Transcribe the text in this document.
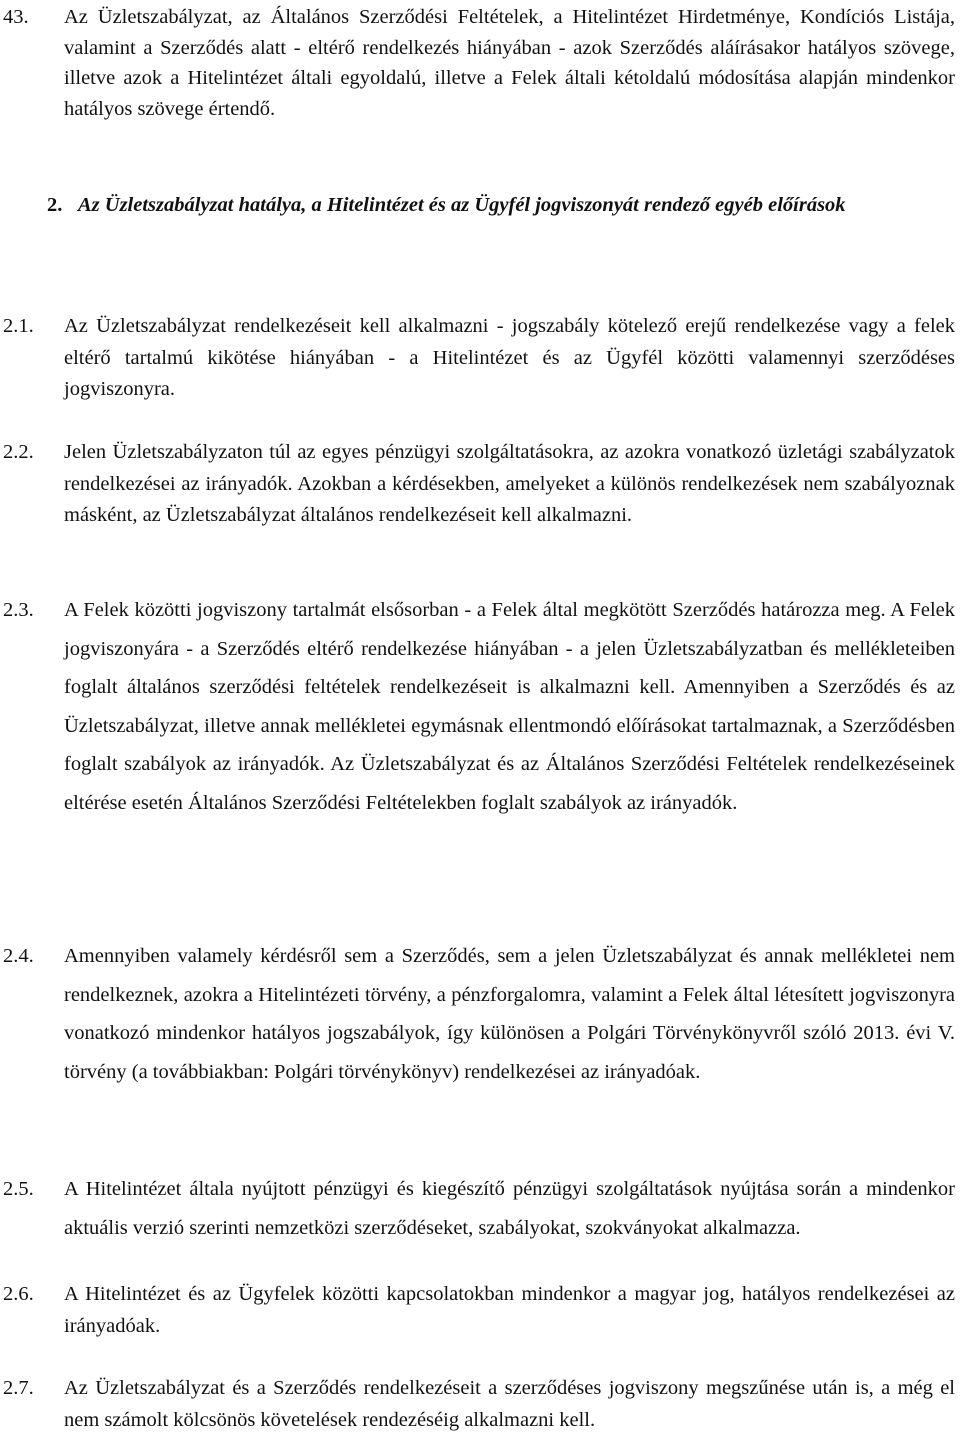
43. Az Üzletszabályzat, az Általános Szerződési Feltételek, a Hitelintézet Hirdetménye, Kondíciós Listája, valamint a Szerződés alatt - eltérő rendelkezés hiányában - azok Szerződés aláírásakor hatályos szövege, illetve azok a Hitelintézet általi egyoldalú, illetve a Felek általi kétoldalú módosítása alapján mindenkor hatályos szövege értendő.
2. Az Üzletszabályzat hatálya, a Hitelintézet és az Ügyfél jogviszonyát rendező egyéb előírások
2.1. Az Üzletszabályzat rendelkezéseit kell alkalmazni - jogszabály kötelező erejű rendelkezése vagy a felek eltérő tartalmú kikötése hiányában - a Hitelintézet és az Ügyfél közötti valamennyi szerződéses jogviszonyra.
2.2. Jelen Üzletszabályzaton túl az egyes pénzügyi szolgáltatásokra, az azokra vonatkozó üzletági szabályzatok rendelkezései az irányadók. Azokban a kérdésekben, amelyeket a különös rendelkezések nem szabályoznak másként, az Üzletszabályzat általános rendelkezéseit kell alkalmazni.
2.3. A Felek közötti jogviszony tartalmát elsősorban - a Felek által megkötött Szerződés határozza meg. A Felek jogviszonyára - a Szerződés eltérő rendelkezése hiányában - a jelen Üzletszabályzatban és mellékleteiben foglalt általános szerződési feltételek rendelkezéseit is alkalmazni kell. Amennyiben a Szerződés és az Üzletszabályzat, illetve annak mellékletei egymásnak ellentmondó előírásokat tartalmaznak, a Szerződésben foglalt szabályok az irányadók. Az Üzletszabályzat és az Általános Szerződési Feltételek rendelkezéseinek eltérése esetén Általános Szerződési Feltételekben foglalt szabályok az irányadók.
2.4. Amennyiben valamely kérdésről sem a Szerződés, sem a jelen Üzletszabályzat és annak mellékletei nem rendelkeznek, azokra a Hitelintézeti törvény, a pénzforgalomra, valamint a Felek által létesített jogviszonyra vonatkozó mindenkor hatályos jogszabályok, így különösen a Polgári Törvénykönyvről szóló 2013. évi V. törvény (a továbbiakban: Polgári törvénykönyv) rendelkezései az irányadóak.
2.5. A Hitelintézet általa nyújtott pénzügyi és kiegészítő pénzügyi szolgáltatások nyújtása során a mindenkor aktuális verzió szerinti nemzetközi szerződéseket, szabályokat, szokványokat alkalmazza.
2.6. A Hitelintézet és az Ügyfelek közötti kapcsolatokban mindenkor a magyar jog, hatályos rendelkezései az irányadóak.
2.7. Az Üzletszabályzat és a Szerződés rendelkezéseit a szerződéses jogviszony megszűnése után is, a még el nem számolt kölcsönös követelések rendezéséig alkalmazni kell.
